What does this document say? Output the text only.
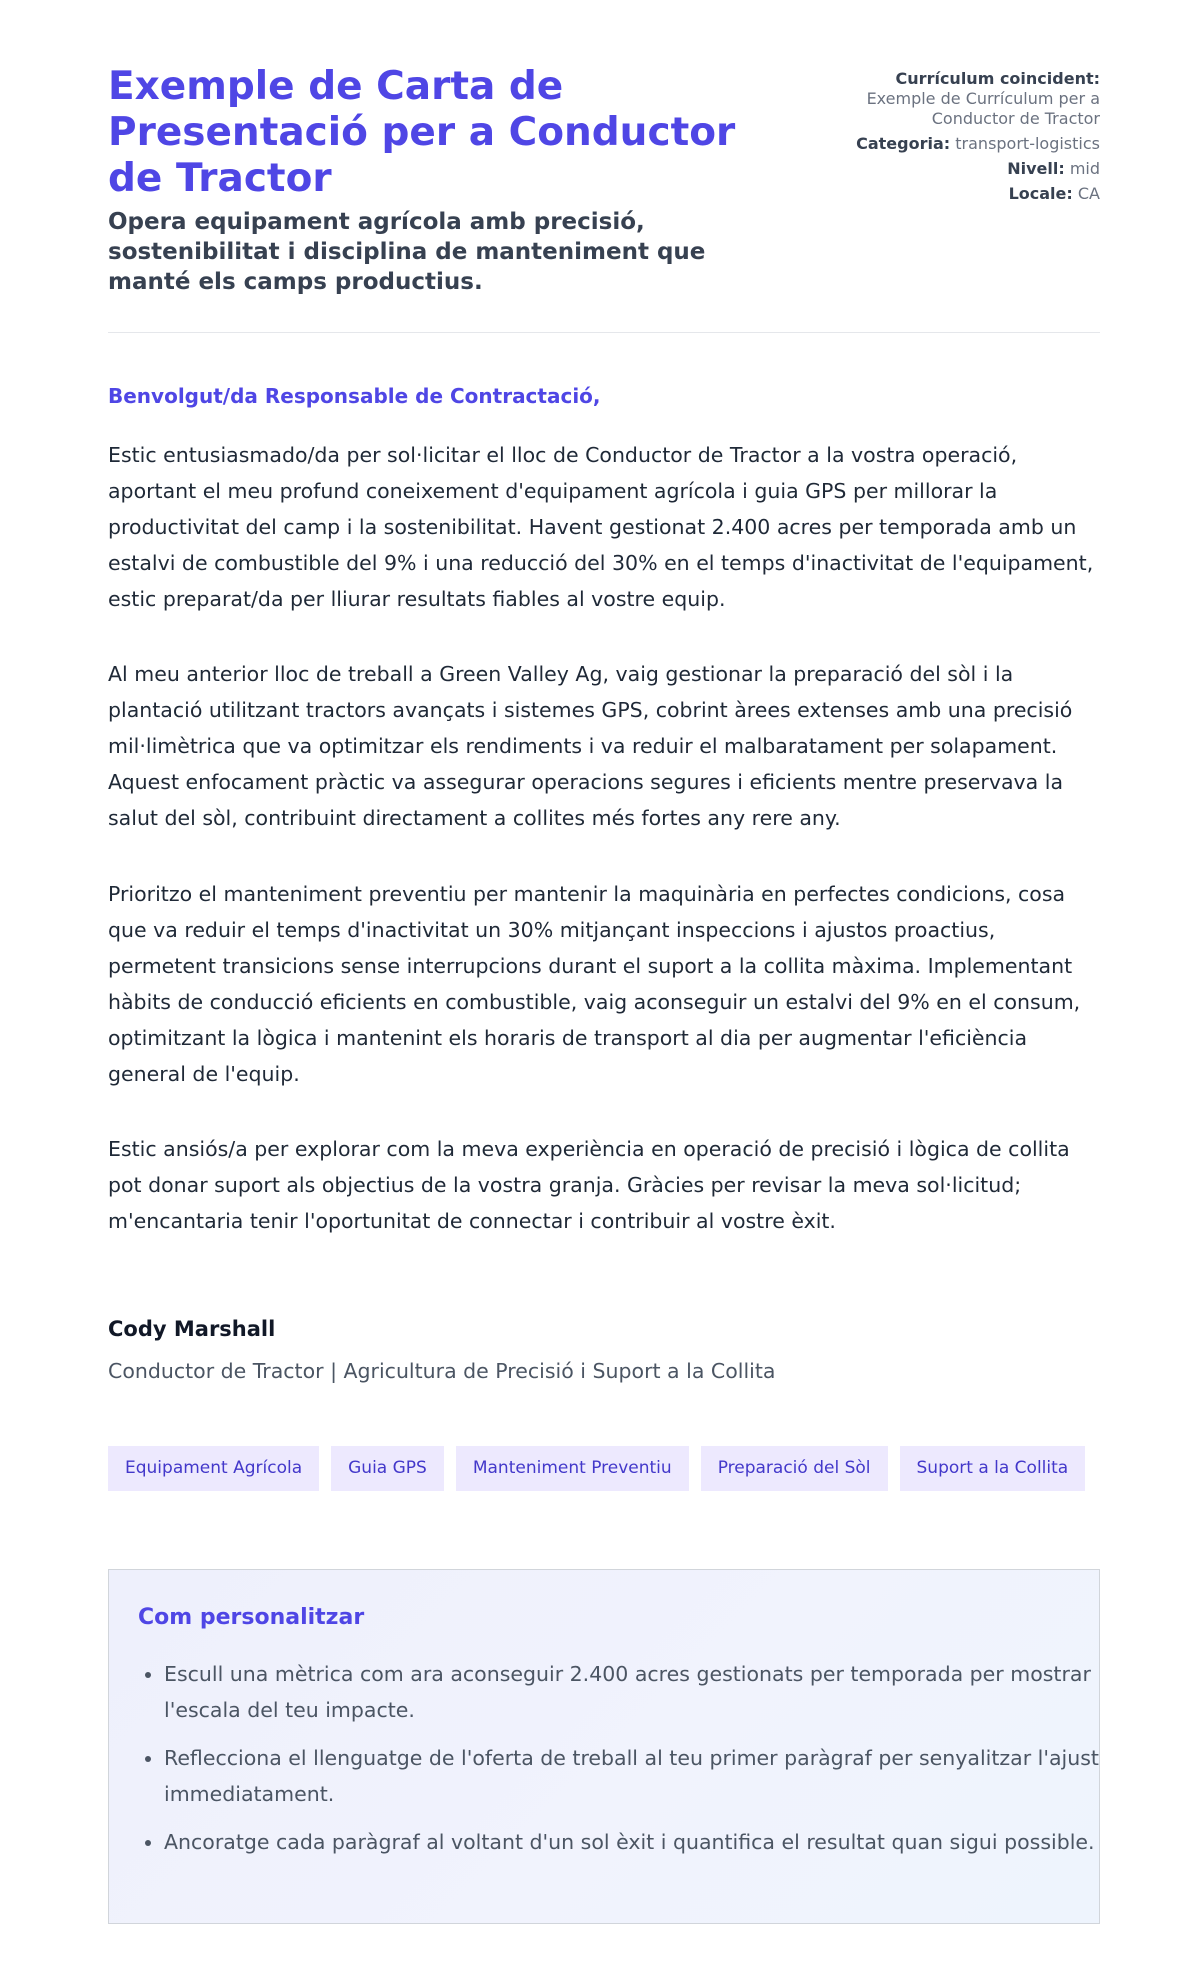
Exemple de Carta de Presentació per a Conductor de Tractor
Opera equipament agrícola amb precisió, sostenibilitat i disciplina de manteniment que manté els camps productius.
Currículum coincident:
Exemple de Currículum per a Conductor de Tractor
Categoria: transport-logistics
Nivell: mid
Locale: CA

Benvolgut/da Responsable de Contractació,

Estic entusiasmado/da per sol·licitar el lloc de Conductor de Tractor a la vostra operació, aportant el meu profund coneixement d'equipament agrícola i guia GPS per millorar la productivitat del camp i la sostenibilitat. Havent gestionat 2.400 acres per temporada amb un estalvi de combustible del 9% i una reducció del 30% en el temps d'inactivitat de l'equipament, estic preparat/da per lliurar resultats fiables al vostre equip.

Al meu anterior lloc de treball a Green Valley Ag, vaig gestionar la preparació del sòl i la plantació utilitzant tractors avançats i sistemes GPS, cobrint àrees extenses amb una precisió mil·limètrica que va optimitzar els rendiments i va reduir el malbaratament per solapament. Aquest enfocament pràctic va assegurar operacions segures i eficients mentre preservava la salut del sòl, contribuint directament a collites més fortes any rere any.

Prioritzo el manteniment preventiu per mantenir la maquinària en perfectes condicions, cosa que va reduir el temps d'inactivitat un 30% mitjançant inspeccions i ajustos proactius, permetent transicions sense interrupcions durant el suport a la collita màxima. Implementant hàbits de conducció eficients en combustible, vaig aconseguir un estalvi del 9% en el consum, optimitzant la lògica i mantenint els horaris de transport al dia per augmentar l'eficiència general de l'equip.

Estic ansiós/a per explorar com la meva experiència en operació de precisió i lògica de collita pot donar suport als objectius de la vostra granja. Gràcies per revisar la meva sol·licitud; m'encantaria tenir l'oportunitat de connectar i contribuir al vostre èxit.

Cody Marshall

Conductor de Tractor | Agricultura de Precisió i Suport a la Collita

Equipament Agrícola	Guia GPS	Manteniment Preventiu	Preparació del Sòl	Suport a la Collita
Com personalitzar
• Escull una mètrica com ara aconseguir 2.400 acres gestionats per temporada per mostrar l'escala del teu impacte.
• Reflecciona el llenguatge de l'oferta de treball al teu primer paràgraf per senyalitzar l'ajust immediatament.
• Ancoratge cada paràgraf al voltant d'un sol èxit i quantifica el resultat quan sigui possible.
